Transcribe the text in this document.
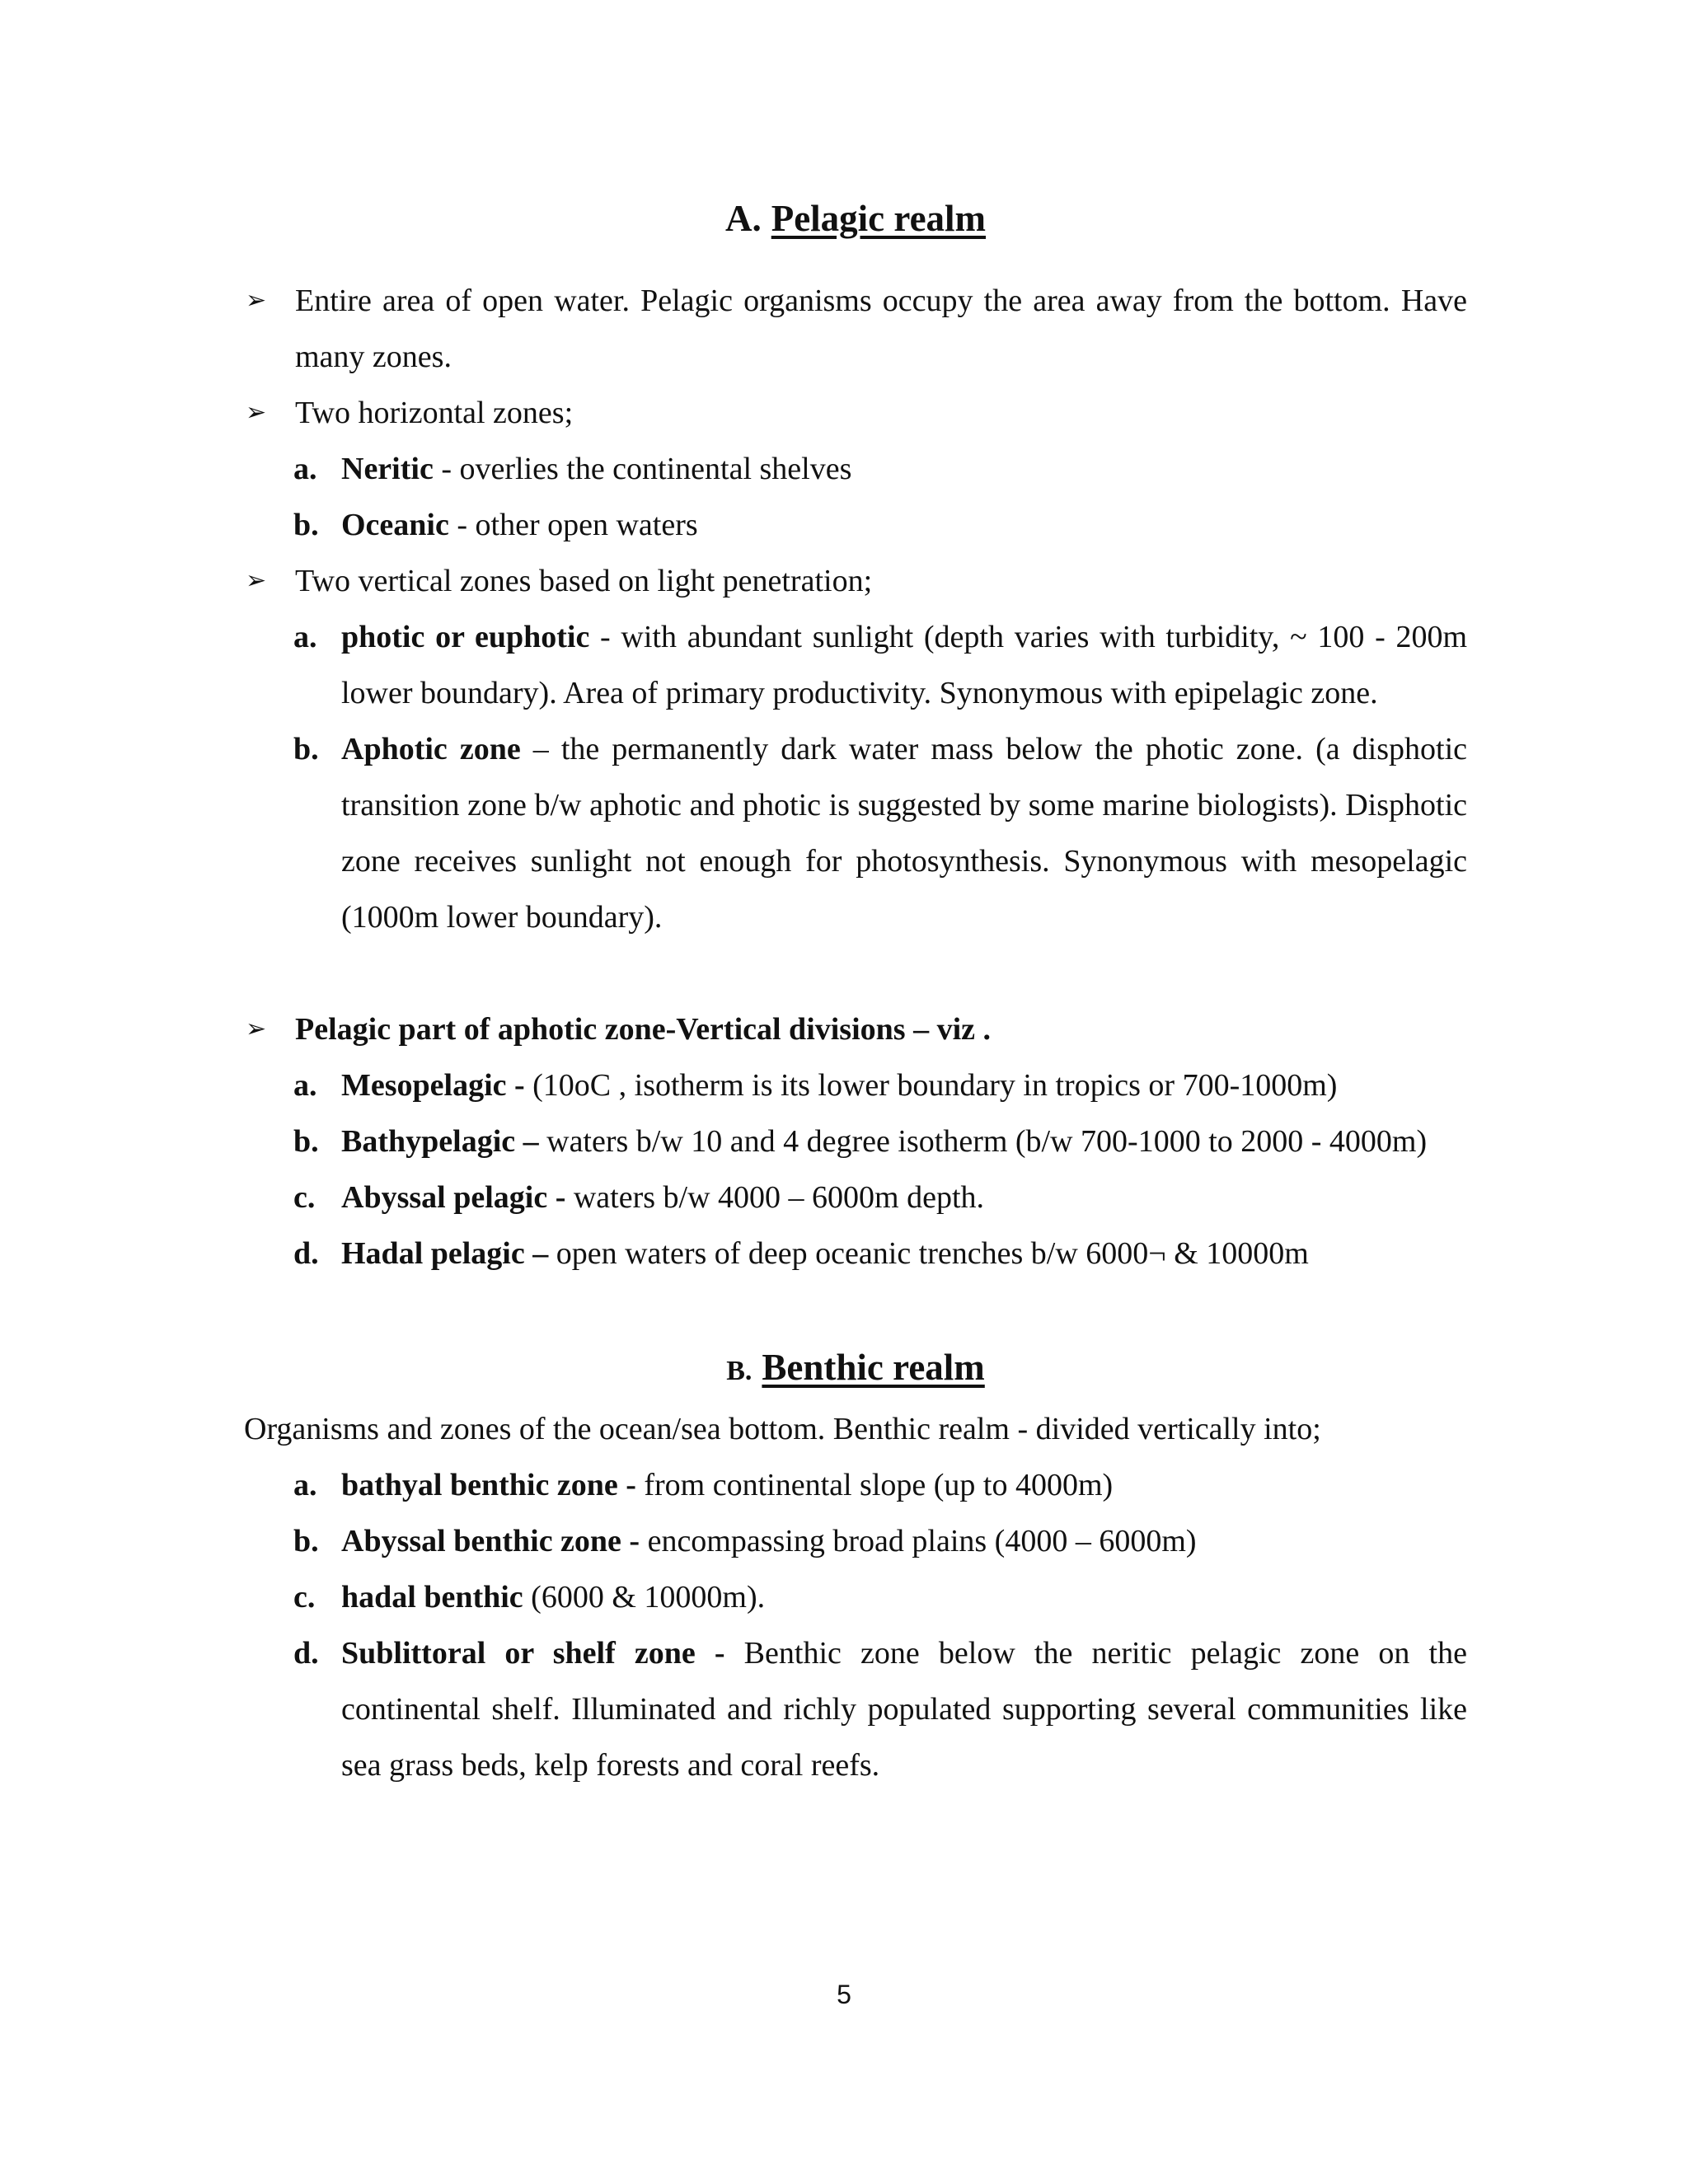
A. Pelagic realm
➢ Entire area of open water. Pelagic organisms occupy the area away from the bottom. Have many zones.
➢ Two horizontal zones;
a. Neritic - overlies the continental shelves
b. Oceanic - other open waters
➢ Two vertical zones based on light penetration;
a. photic or euphotic - with abundant sunlight (depth varies with turbidity, ~ 100 - 200m lower boundary). Area of primary productivity. Synonymous with epipelagic zone.
b. Aphotic zone – the permanently dark water mass below the photic zone. (a disphotic transition zone b/w aphotic and photic is suggested by some marine biologists). Disphotic zone receives sunlight not enough for photosynthesis. Synonymous with mesopelagic (1000m lower boundary).
➢ Pelagic part of aphotic zone-Vertical divisions – viz .
a. Mesopelagic - (10oC , isotherm is its lower boundary in tropics or 700-1000m)
b. Bathypelagic – waters b/w 10 and 4 degree isotherm (b/w 700-1000 to 2000 - 4000m)
c. Abyssal pelagic - waters b/w 4000 – 6000m depth.
d. Hadal pelagic – open waters of deep oceanic trenches b/w 6000¬ & 10000m
B. Benthic realm
Organisms and zones of the ocean/sea bottom. Benthic realm - divided vertically into;
a. bathyal benthic zone - from continental slope (up to 4000m)
b. Abyssal benthic zone - encompassing broad plains (4000 – 6000m)
c. hadal benthic (6000 & 10000m).
d. Sublittoral or shelf zone - Benthic zone below the neritic pelagic zone on the continental shelf. Illuminated and richly populated supporting several communities like sea grass beds, kelp forests and coral reefs.
5
